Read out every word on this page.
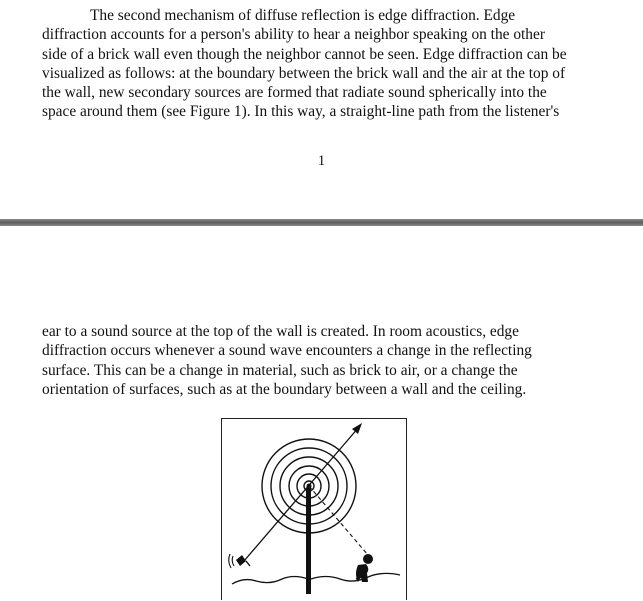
The second mechanism of diffuse reflection is edge diffraction. Edge
diffraction accounts for a person's ability to hear a neighbor speaking on the other
side of a brick wall even though the neighbor cannot be seen. Edge diffraction can be
visualized as follows: at the boundary between the brick wall and the air at the top of
the wall, new secondary sources are formed that radiate sound spherically into the
space around them (see Figure 1). In this way, a straight-line path from the listener's

1

ear to a sound source at the top of the wall is created. In room acoustics, edge
diffraction occurs whenever a sound wave encounters a change in the reflecting
surface. This can be a change in material, such as brick to air, or a change the
orientation of surfaces, such as at the boundary between a wall and the ceiling.
